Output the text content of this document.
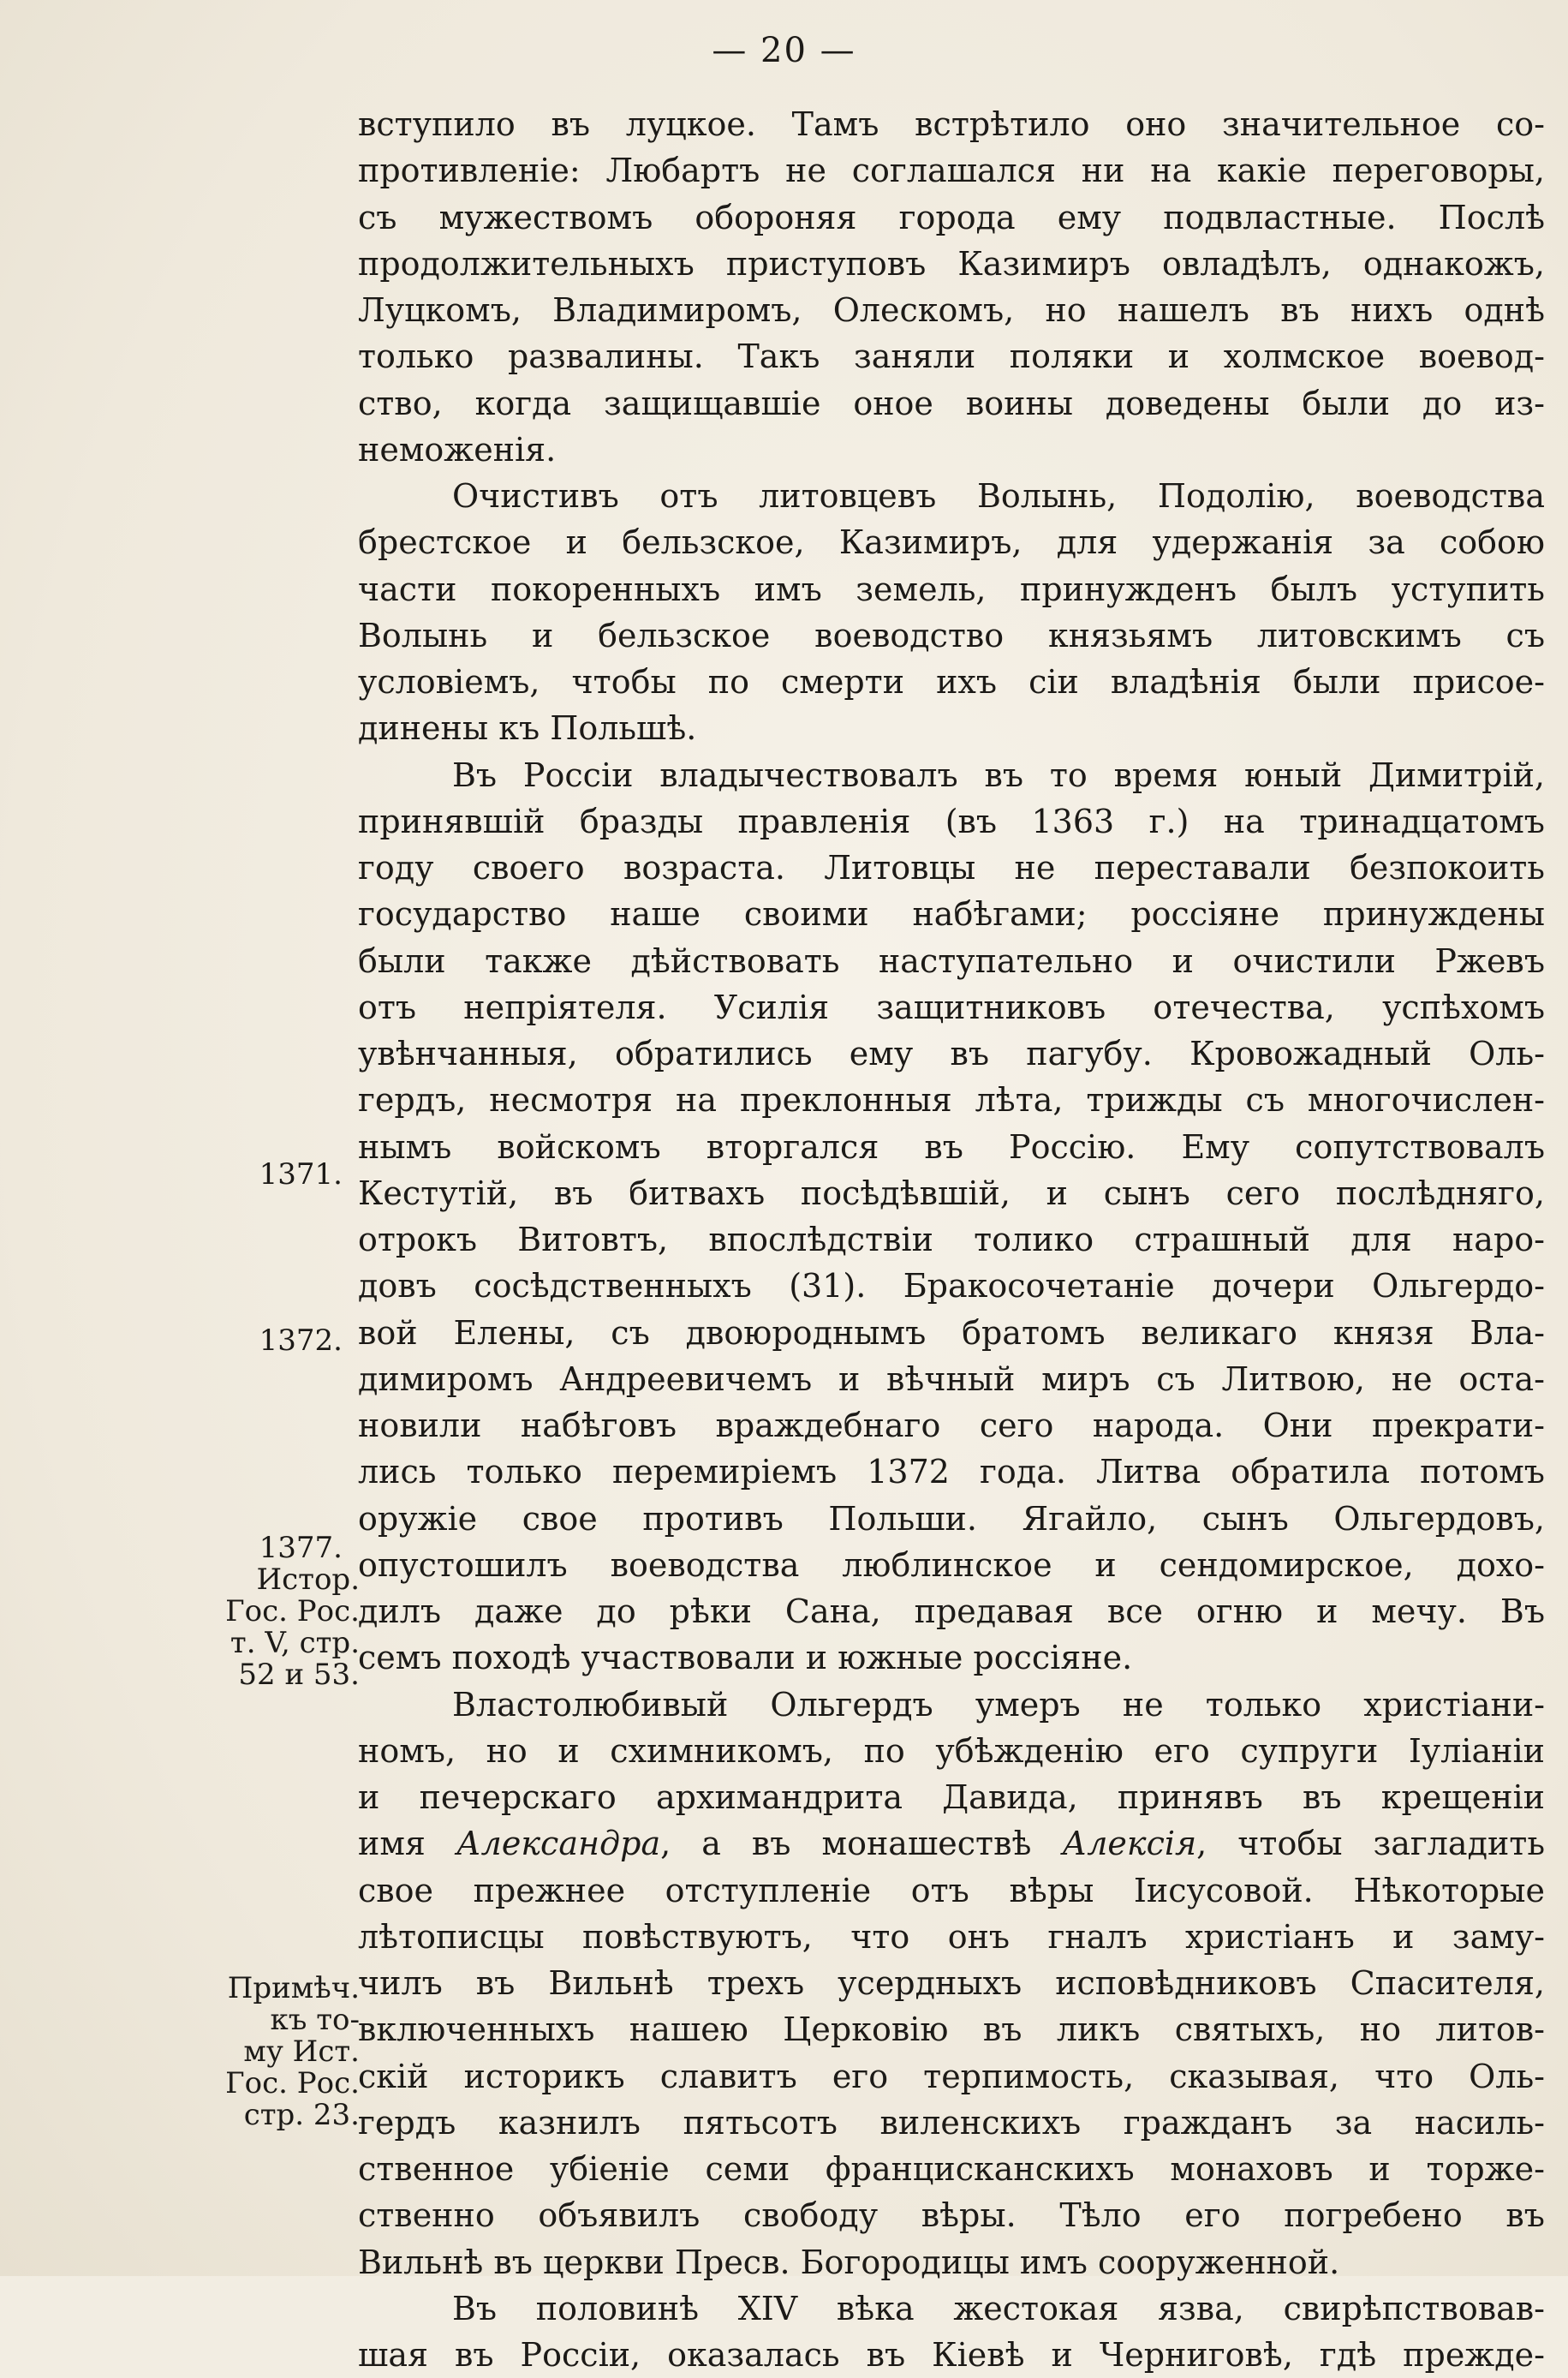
— 20 —
вступило въ луцкое. Тамъ встрѣтило оно значительное со-
противленіе: Любартъ не соглашался ни на какіе переговоры,
съ мужествомъ обороняя города ему подвластные. Послѣ
продолжительныхъ приступовъ Казимиръ овладѣлъ, однакожъ,
Луцкомъ, Владимиромъ, Олескомъ, но нашелъ въ нихъ однѣ
только развалины. Такъ заняли поляки и холмское воевод-
ство, когда защищавшіе оное воины доведены были до из-
неможенія.
Очистивъ отъ литовцевъ Волынь, Подолію, воеводства
брестское и бельзское, Казимиръ, для удержанія за собою
части покоренныхъ имъ земель, принужденъ былъ уступить
Волынь и бельзское воеводство князьямъ литовскимъ съ
условіемъ, чтобы по смерти ихъ сіи владѣнія были присое-
динены къ Польшѣ.
Въ Россіи владычествовалъ въ то время юный Димитрій,
принявшій бразды правленія (въ 1363 г.) на тринадцатомъ
году своего возраста. Литовцы не переставали безпокоить
государство наше своими набѣгами; россіяне принуждены
были также дѣйствовать наступательно и очистили Ржевъ
отъ непріятеля. Усилія защитниковъ отечества, успѣхомъ
увѣнчанныя, обратились ему въ пагубу. Кровожадный Оль-
гердъ, несмотря на преклонныя лѣта, трижды съ многочислен-
нымъ войскомъ вторгался въ Россію. Ему сопутствовалъ
Кестутій, въ битвахъ посѣдѣвшій, и сынъ сего послѣдняго,
отрокъ Витовтъ, впослѣдствіи толико страшный для наро-
довъ сосѣдственныхъ (31). Бракосочетаніе дочери Ольгердо-
вой Елены, съ двоюроднымъ братомъ великаго князя Вла-
димиромъ Андреевичемъ и вѣчный миръ съ Литвою, не оста-
новили набѣговъ враждебнаго сего народа. Они прекрати-
лись только перемиріемъ 1372 года. Литва обратила потомъ
оружіе свое противъ Польши. Ягайло, сынъ Ольгердовъ,
опустошилъ воеводства люблинское и сендомирское, дохо-
дилъ даже до рѣки Сана, предавая все огню и мечу. Въ
семъ походѣ участвовали и южные россіяне.
Властолюбивый Ольгердъ умеръ не только христiани-
номъ, но и схимникомъ, по убѣжденію его супруги Іуліаніи
и печерскаго архимандрита Давида, принявъ въ крещеніи
имя Александра, а въ монашествѣ Алексія, чтобы загладить
свое прежнее отступленіе отъ вѣры Іисусовой. Нѣкоторые
лѣтописцы повѣствуютъ, что онъ гналъ христіанъ и заму-
чилъ въ Вильнѣ трехъ усердныхъ исповѣдниковъ Спасителя,
включенныхъ нашею Церковію въ ликъ святыхъ, но литов-
скій историкъ славитъ его терпимость, сказывая, что Оль-
гердъ казнилъ пятьсотъ виленскихъ гражданъ за насиль-
ственное убіеніе семи францисканскихъ монаховъ и торже-
ственно объявилъ свободу вѣры. Тѣло его погребено въ
Вильнѣ въ церкви Пресв. Богородицы имъ сооруженной.
Въ половинѣ XIV вѣка жестокая язва, свирѣпствовав-
шая въ Россіи, оказалась въ Кіевѣ и Черниговѣ, гдѣ прежде-
1371.
1372.
1377.
Истор.
Гос. Рос.
т. V, стр.
52 и 53.
Примѣч.
къ то-
му Ист.
Гос. Рос.
стр. 23.
